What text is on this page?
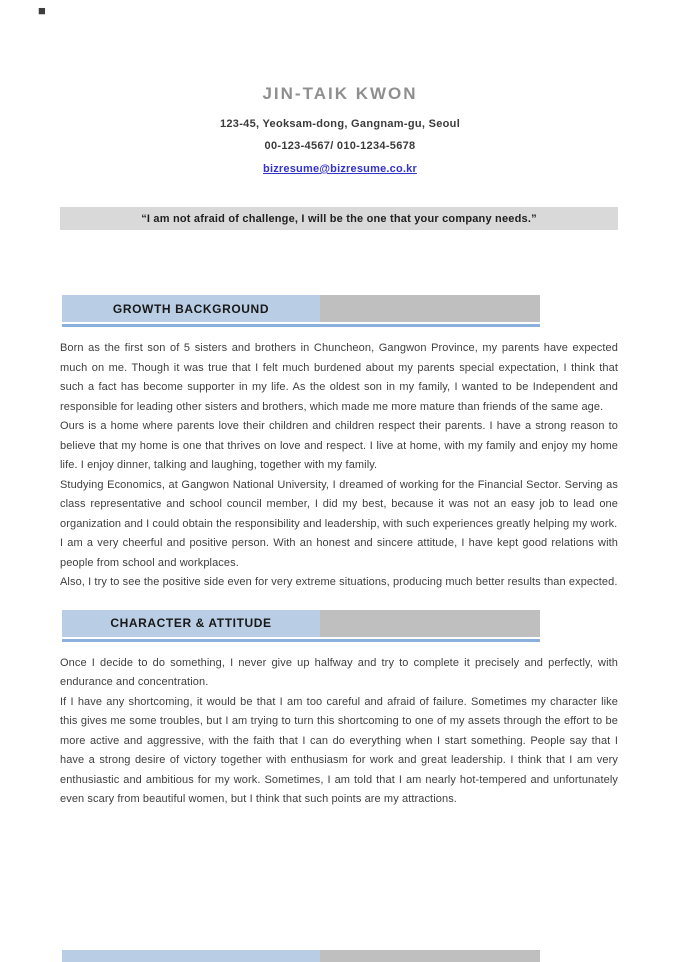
■
JIN-TAIK KWON
123-45, Yeoksam-dong, Gangnam-gu, Seoul
00-123-4567/ 010-1234-5678
bizresume@bizresume.co.kr
“I am not afraid of challenge, I will be the one that your company needs.”
GROWTH BACKGROUND

Born as the first son of 5 sisters and brothers in Chuncheon, Gangwon Province, my parents have expected much on me. Though it was true that I felt much burdened about my parents special expectation, I think that such a fact has become supporter in my life. As the oldest son in my family, I wanted to be Independent and responsible for leading other sisters and brothers, which made me more mature than friends of the same age.

Ours is a home where parents love their children and children respect their parents. I have a strong reason to believe that my home is one that thrives on love and respect. I live at home, with my family and enjoy my home life. I enjoy dinner, talking and laughing, together with my family.

Studying Economics, at Gangwon National University, I dreamed of working for the Financial Sector. Serving as class representative and school council member, I did my best, because it was not an easy job to lead one organization and I could obtain the responsibility and leadership, with such experiences greatly helping my work.

I am a very cheerful and positive person. With an honest and sincere attitude, I have kept good relations with people from school and workplaces.

Also, I try to see the positive side even for very extreme situations, producing much better results than expected.

CHARACTER & ATTITUDE

Once I decide to do something, I never give up halfway and try to complete it precisely and perfectly, with endurance and concentration.

If I have any shortcoming, it would be that I am too careful and afraid of failure. Sometimes my character like this gives me some troubles, but I am trying to turn this shortcoming to one of my assets through the effort to be more active and aggressive, with the faith that I can do everything when I start something. People say that I have a strong desire of victory together with enthusiasm for work and great leadership. I think that I am very enthusiastic and ambitious for my work. Sometimes, I am told that I am nearly hot-tempered and unfortunately even scary from beautiful women, but I think that such points are my attractions.
